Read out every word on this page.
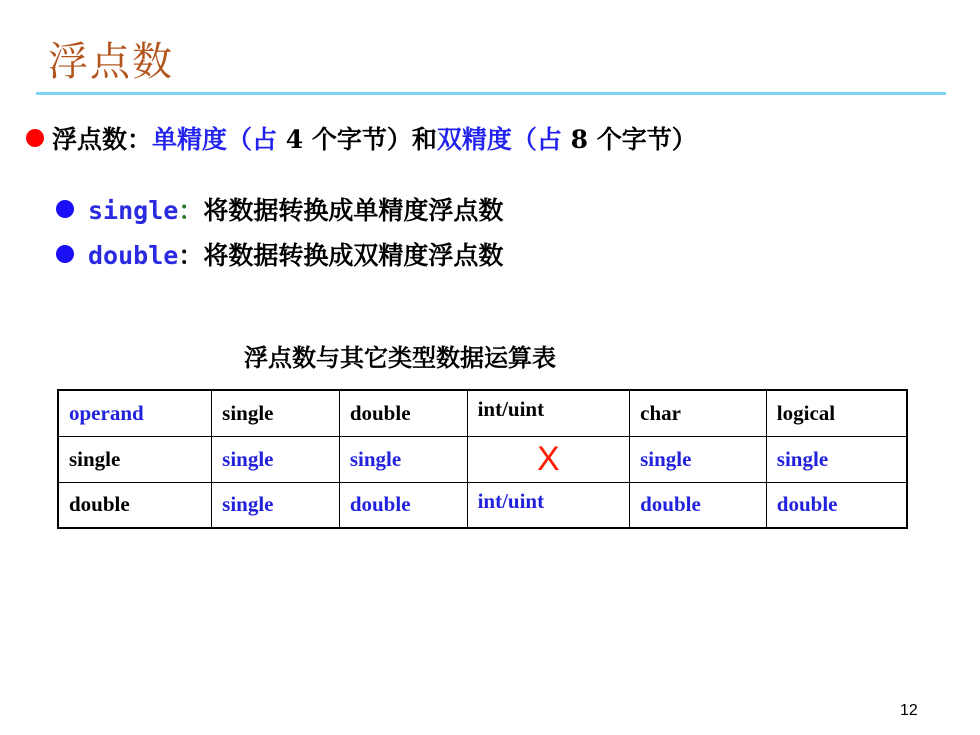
浮点数
浮点数：单精度（占 4 个字节）和双精度（占 8 个字节）
single：将数据转换成单精度浮点数
double：将数据转换成双精度浮点数
浮点数与其它类型数据运算表
operand	single	double	int/uint	char	logical
single	single	single	X	single	single
double	single	double	int/uint	double	double
12
